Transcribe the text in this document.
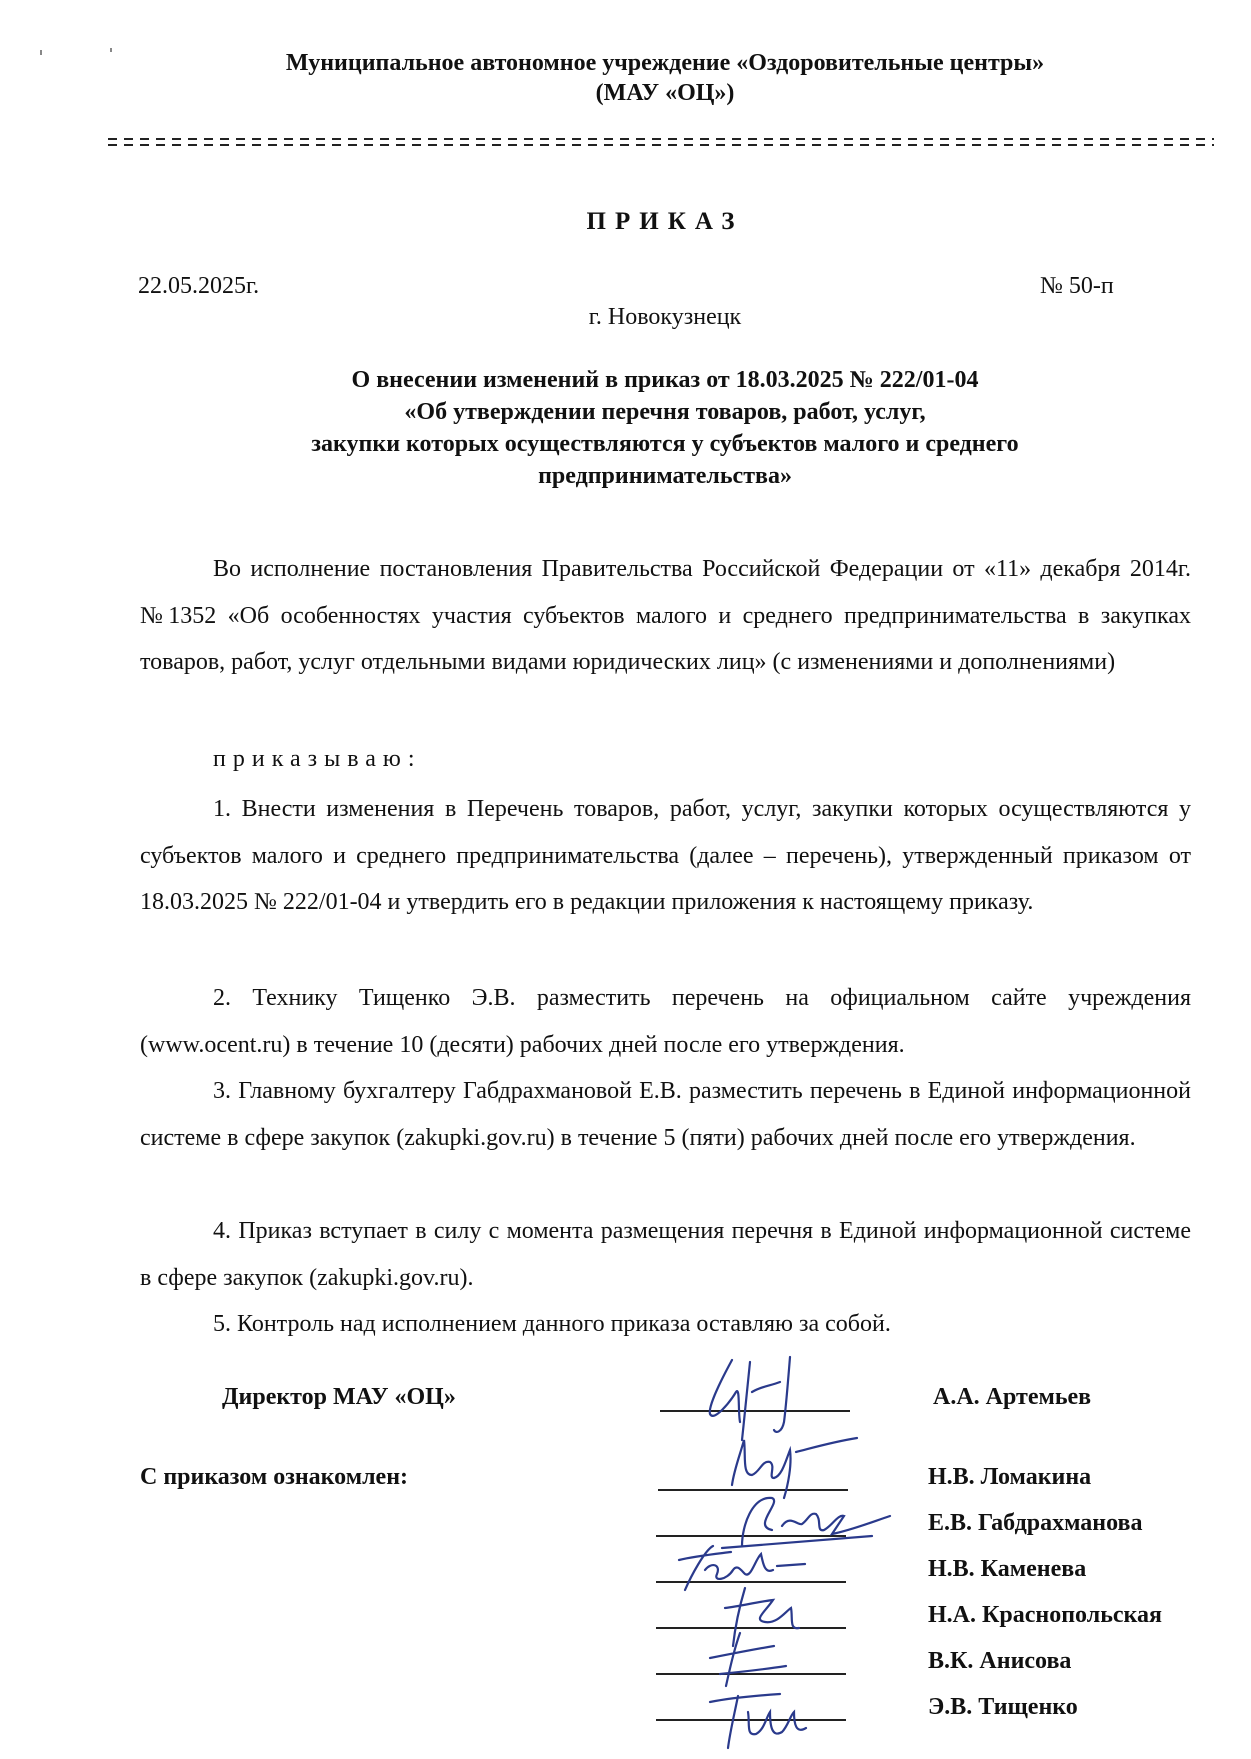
Муниципальное автономное учреждение «Оздоровительные центры»
(МАУ «ОЦ»)
ПРИКАЗ
22.05.2025г.	№ 50-п
г. Новокузнецк
О внесении изменений в приказ от 18.03.2025 № 222/01-04
«Об утверждении перечня товаров, работ, услуг,
закупки которых осуществляются у субъектов малого и среднего
предпринимательства»
Во исполнение постановления Правительства Российской Федерации от «11» декабря 2014г. №1352 «Об особенностях участия субъектов малого и среднего предпринимательства в закупках товаров, работ, услуг отдельными видами юридических лиц» (с изменениями и дополнениями)
приказываю:
1. Внести изменения в Перечень товаров, работ, услуг, закупки которых осуществляются у субъектов малого и среднего предпринимательства (далее – перечень), утвержденный приказом от 18.03.2025 № 222/01-04 и утвердить его в редакции приложения к настоящему приказу.
2. Технику Тищенко Э.В. разместить перечень на официальном сайте учреждения (www.ocent.ru) в течение 10 (десяти) рабочих дней после его утверждения.
3. Главному бухгалтеру Габдрахмановой Е.В. разместить перечень в Единой информационной системе в сфере закупок (zakupki.gov.ru) в течение 5 (пяти) рабочих дней после его утверждения.
4. Приказ вступает в силу с момента размещения перечня в Единой информационной системе в сфере закупок (zakupki.gov.ru).
5. Контроль над исполнением данного приказа оставляю за собой.
Директор МАУ «ОЦ»	А.А. Артемьев
С приказом ознакомлен:	Н.В. Ломакина
Е.В. Габдрахманова
Н.В. Каменева
Н.А. Краснопольская
В.К. Анисова
Э.В. Тищенко
